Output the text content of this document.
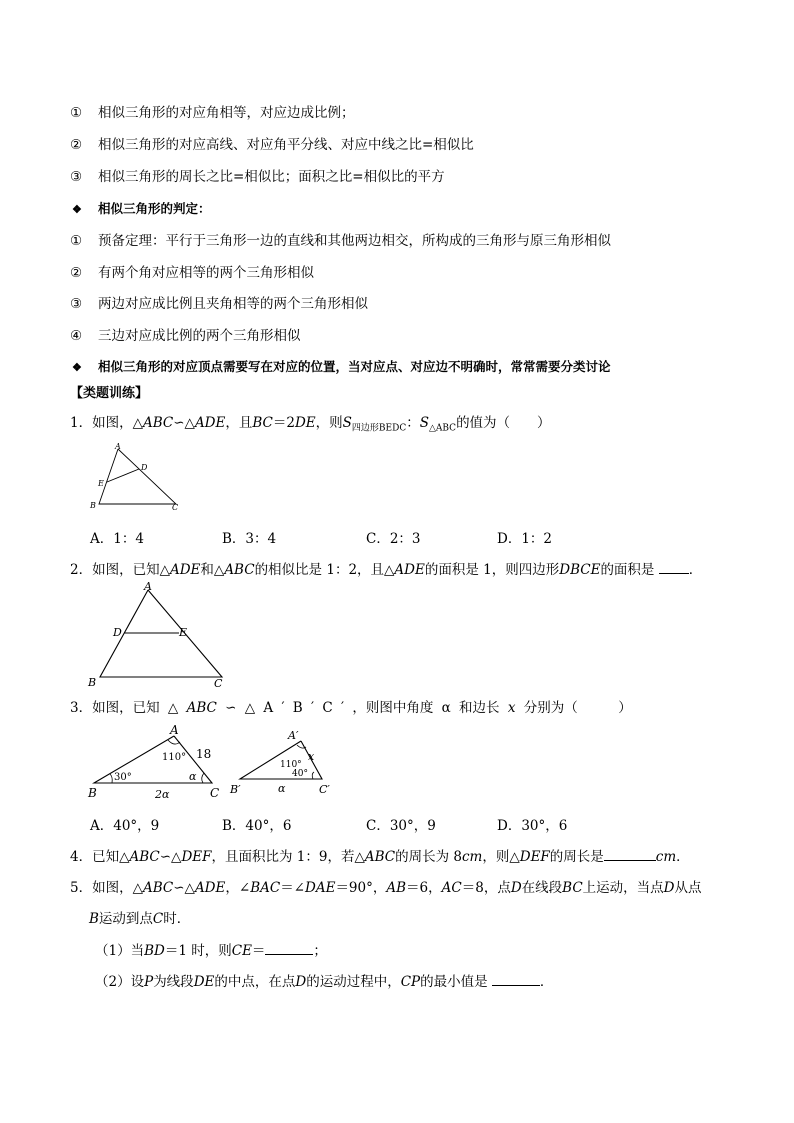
① 相似三角形的对应角相等，对应边成比例；
② 相似三角形的对应高线、对应角平分线、对应中线之比=相似比
③ 相似三角形的周长之比=相似比；面积之比=相似比的平方
❖ 相似三角形的判定：
① 预备定理：平行于三角形一边的直线和其他两边相交，所构成的三角形与原三角形相似
② 有两个角对应相等的两个三角形相似
③ 两边对应成比例且夹角相等的两个三角形相似
④ 三边对应成比例的两个三角形相似
❖ 相似三角形的对应顶点需要写在对应的位置，当对应点、对应边不明确时，常常需要分类讨论
【类题训练】
1．如图，△ABC∽△ADE，且BC＝2DE，则$S_{四边形BEDC}$：$S_{\triangle ABC}$的值为（　　）
A
D
E
B	C
A．1：4	B．3：4	C．2：3	D．1：2
2．如图，已知△ADE和△ABC的相似比是 1：2，且△ADE的面积是 1，则四边形DBCE的面积是	．
A
D	E
B	C
3．如图，已知 △ ABC ∽ △ A ′ B ′ C ′ ，则图中角度 α 和边长 x 分别为（　　　）
A
110°
30°	α
18
B	2α	C
A′
110°
40°
x
B′	α	C′
A．40°，9	B．40°，6	C．30°，9	D．30°，6
4．已知△ABC∽△DEF，且面积比为 1：9，若△ABC的周长为 8cm，则△DEF的周长是	cm．
5．如图，△ABC∽△ADE，∠BAC＝∠DAE＝90°，AB＝6，AC＝8，点D在线段BC上运动，当点D从点
B运动到点C时．
（1）当BD＝1 时，则CE＝	；
（2）设P为线段DE的中点，在点D的运动过程中，CP的最小值是	．
